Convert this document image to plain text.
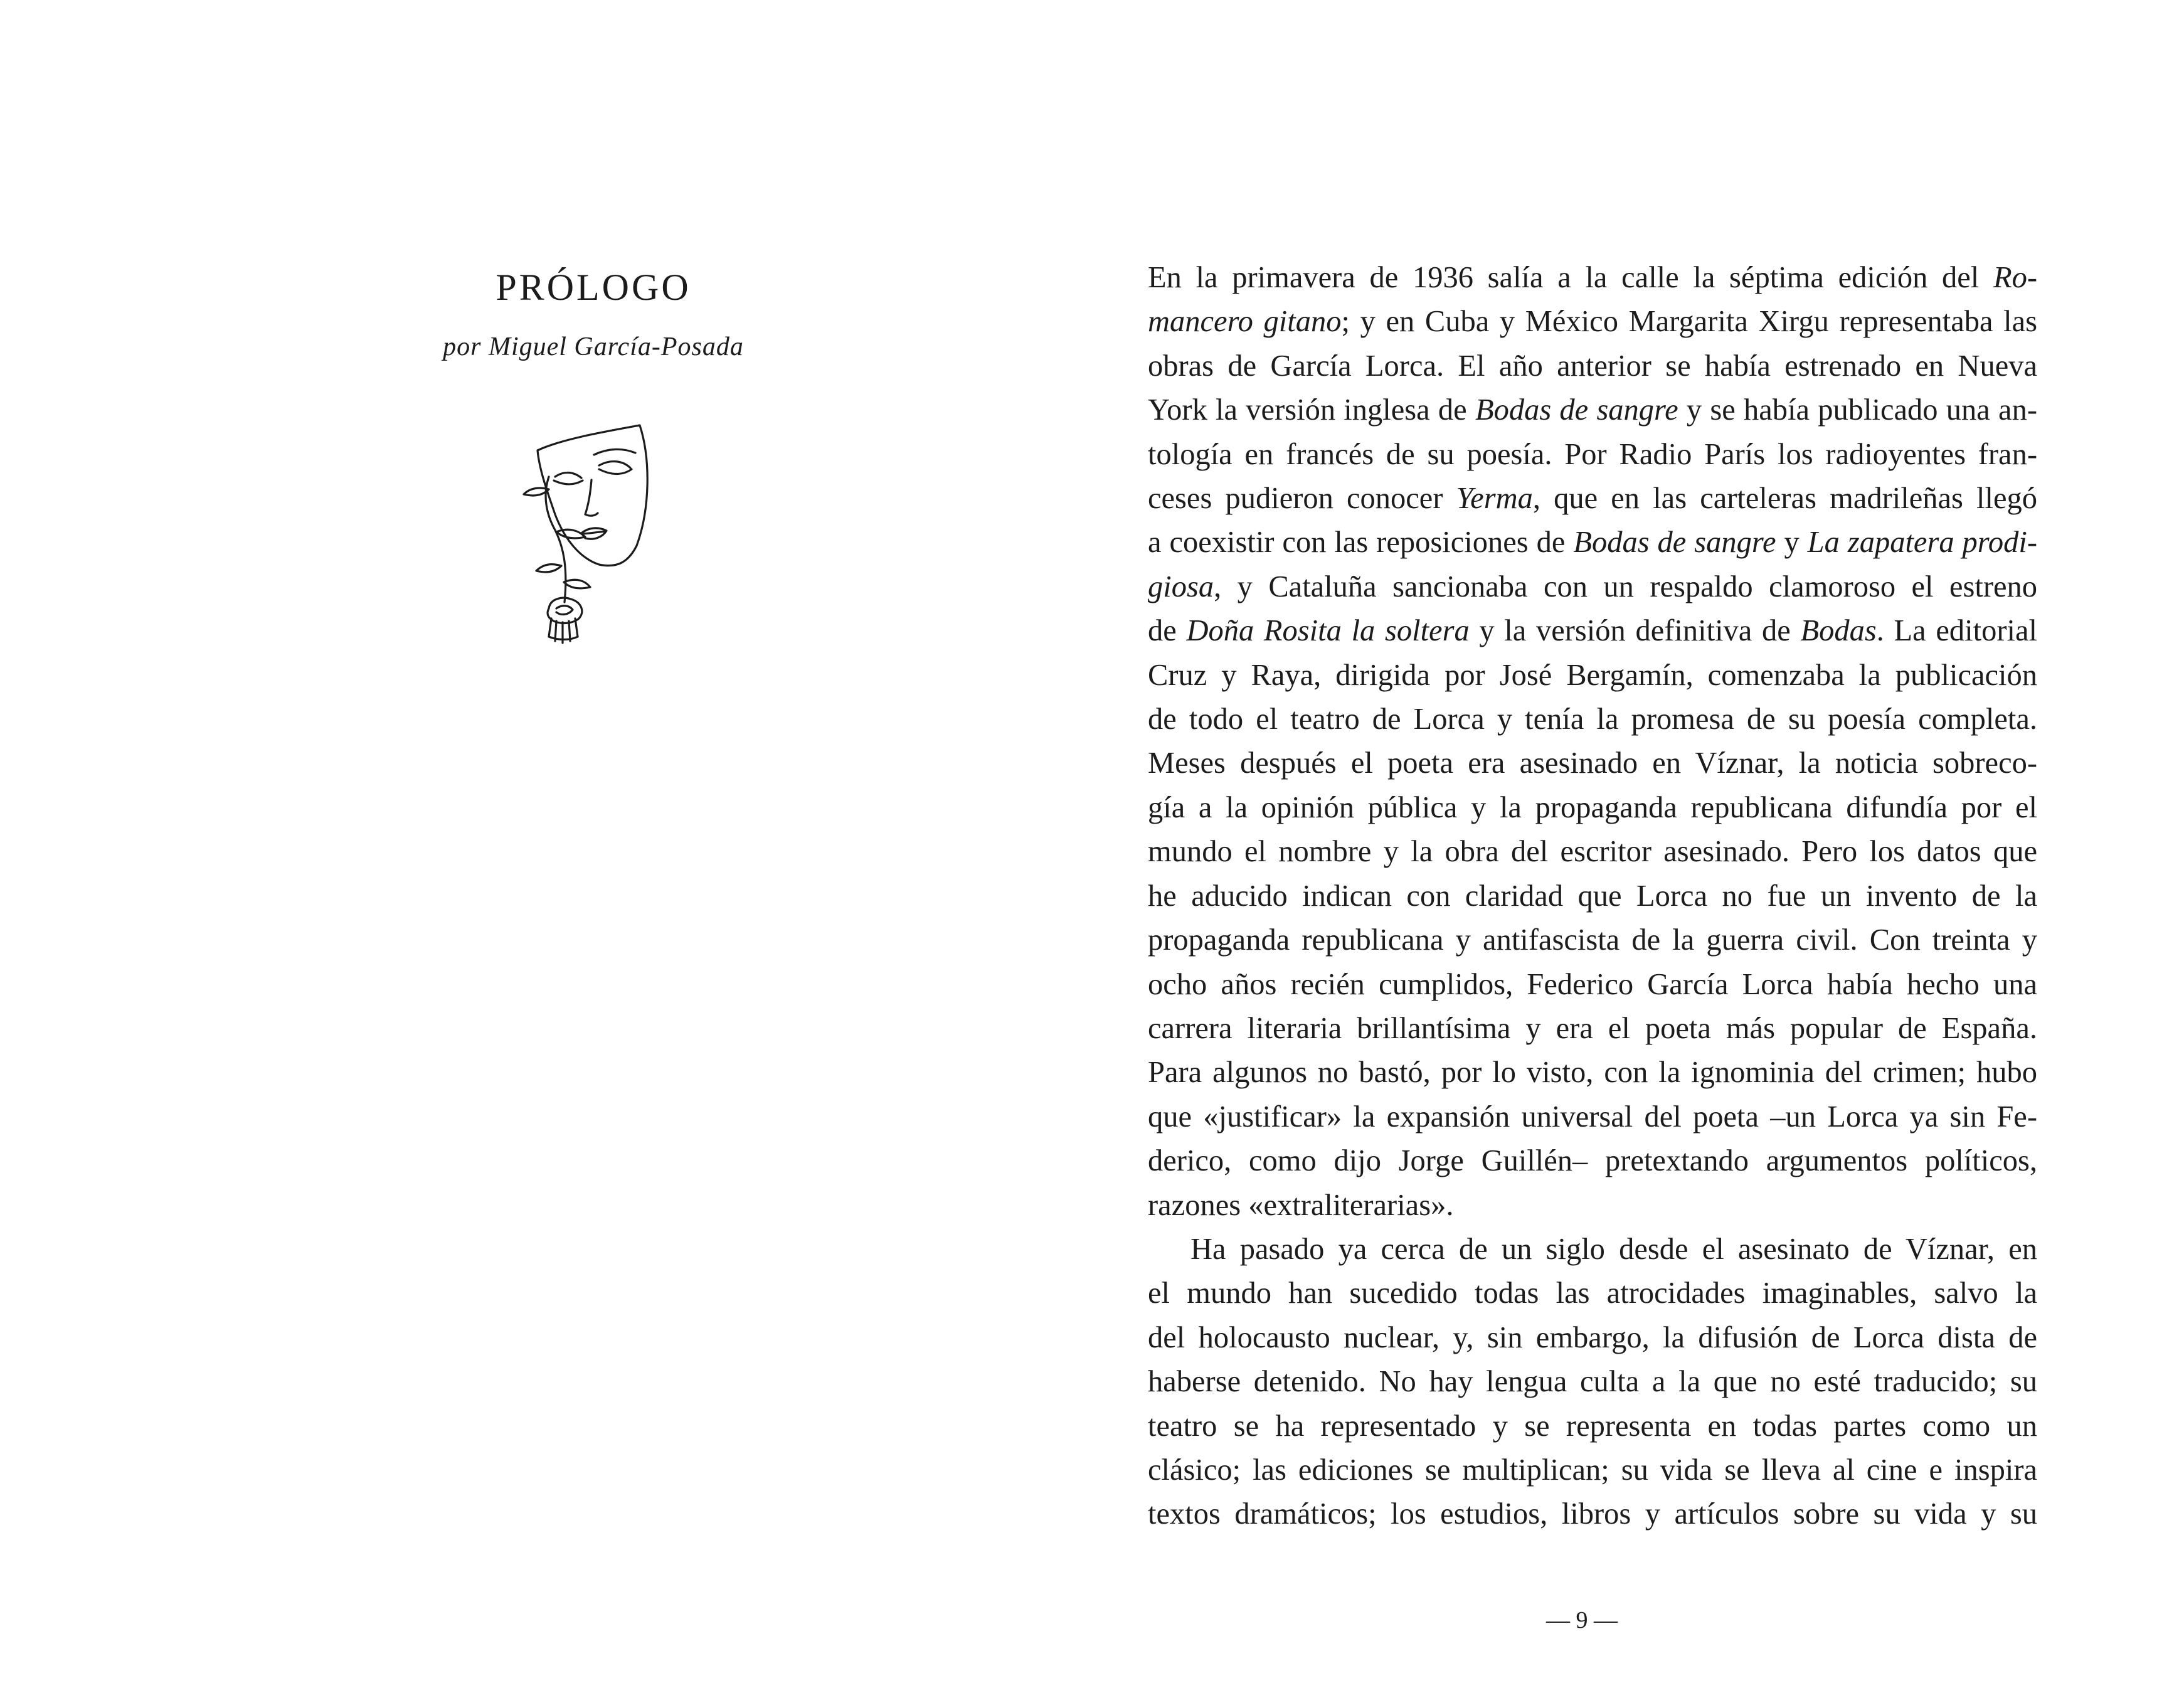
PRÓLOGO
por Miguel García-Posada
En la primavera de 1936 salía a la calle la séptima edición del Ro-
mancero gitano; y en Cuba y México Margarita Xirgu representaba las
obras de García Lorca. El año anterior se había estrenado en Nueva
York la versión inglesa de Bodas de sangre y se había publicado una an-
tología en francés de su poesía. Por Radio París los radioyentes fran-
ceses pudieron conocer Yerma, que en las carteleras madrileñas llegó
a coexistir con las reposiciones de Bodas de sangre y La zapatera prodi-
giosa, y Cataluña sancionaba con un respaldo clamoroso el estreno
de Doña Rosita la soltera y la versión definitiva de Bodas. La editorial
Cruz y Raya, dirigida por José Bergamín, comenzaba la publicación
de todo el teatro de Lorca y tenía la promesa de su poesía completa.
Meses después el poeta era asesinado en Víznar, la noticia sobreco-
gía a la opinión pública y la propaganda republicana difundía por el
mundo el nombre y la obra del escritor asesinado. Pero los datos que
he aducido indican con claridad que Lorca no fue un invento de la
propaganda republicana y antifascista de la guerra civil. Con treinta y
ocho años recién cumplidos, Federico García Lorca había hecho una
carrera literaria brillantísima y era el poeta más popular de España.
Para algunos no bastó, por lo visto, con la ignominia del crimen; hubo
que «justificar» la expansión universal del poeta –un Lorca ya sin Fe-
derico, como dijo Jorge Guillén– pretextando argumentos políticos,
razones «extraliterarias».
Ha pasado ya cerca de un siglo desde el asesinato de Víznar, en
el mundo han sucedido todas las atrocidades imaginables, salvo la
del holocausto nuclear, y, sin embargo, la difusión de Lorca dista de
haberse detenido. No hay lengua culta a la que no esté traducido; su
teatro se ha representado y se representa en todas partes como un
clásico; las ediciones se multiplican; su vida se lleva al cine e inspira
textos dramáticos; los estudios, libros y artículos sobre su vida y su
— 9 —
